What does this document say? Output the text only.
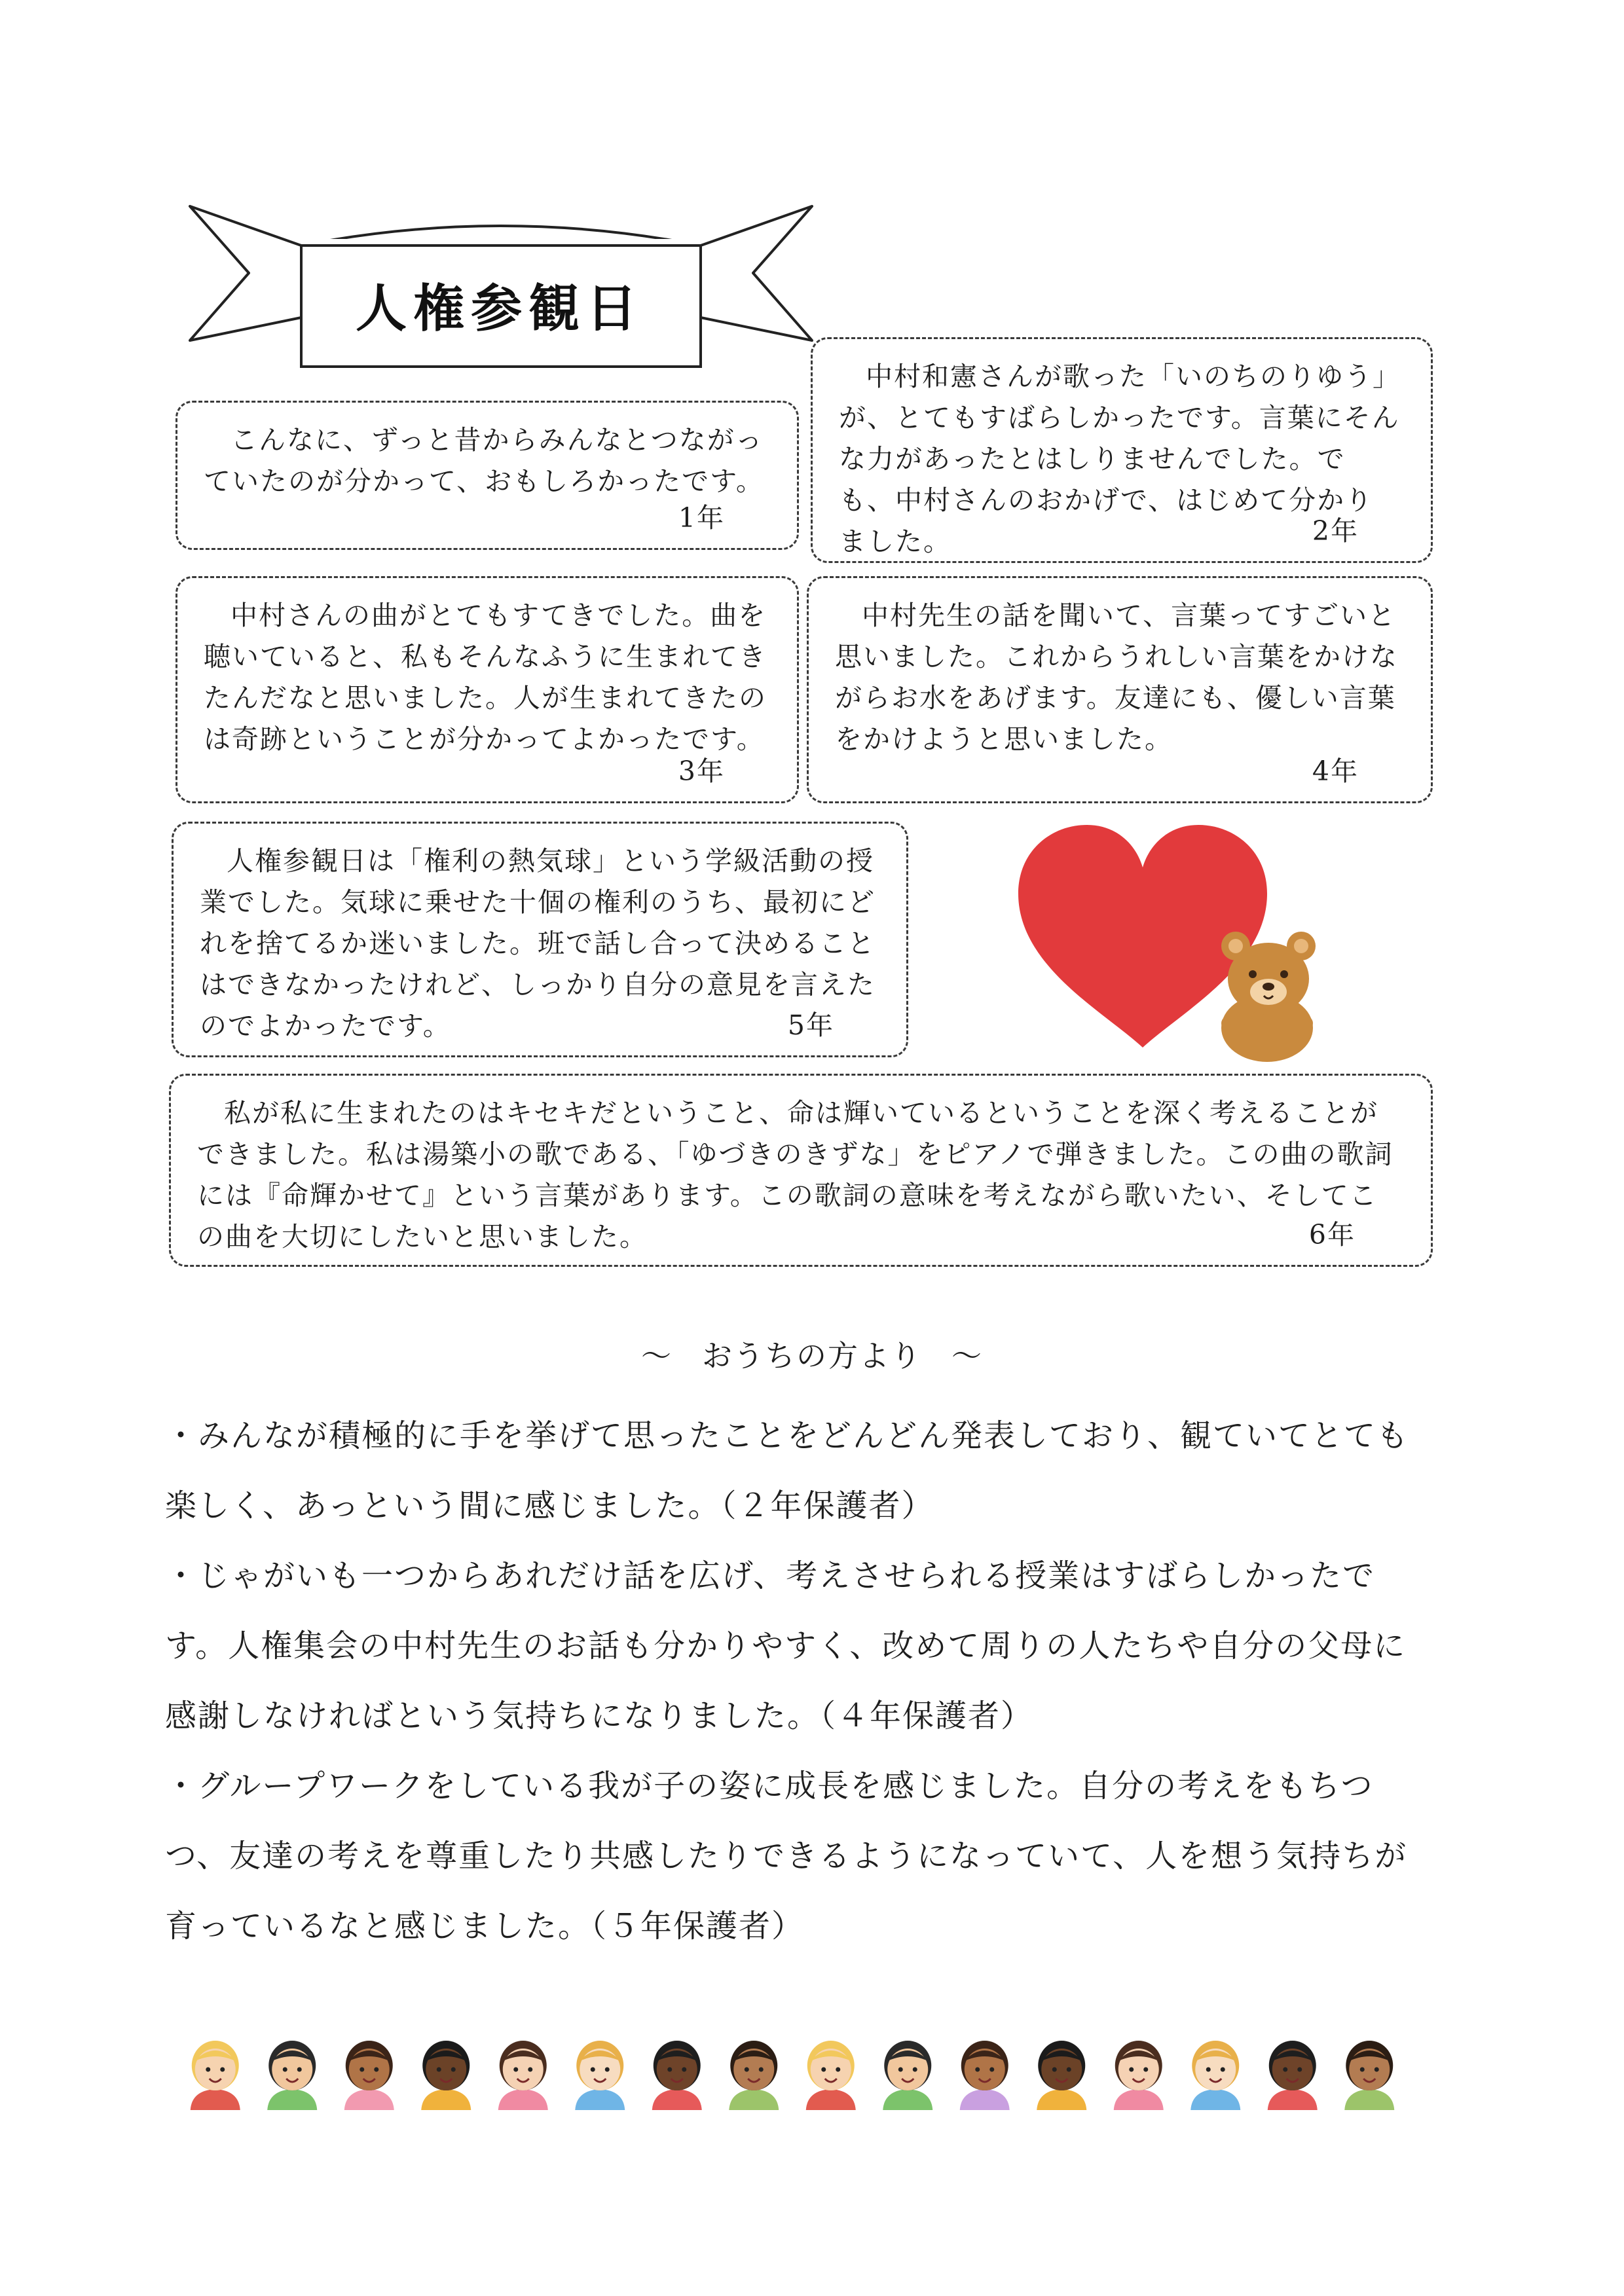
人権参観日

こんなに、ずっと昔からみんなとつながっていたのが分かって、おもしろかったです。

1年

中村和憲さんが歌った「いのちのりゆう」が、とてもすばらしかったです。言葉にそんな力があったとはしりませんでした。でも、中村さんのおかげで、はじめて分かりました。	2年

中村さんの曲がとてもすてきでした。曲を聴いていると、私もそんなふうに生まれてきたんだなと思いました。人が生まれてきたのは奇跡ということが分かってよかったです。

3年

中村先生の話を聞いて、言葉ってすごいと思いました。これからうれしい言葉をかけながらお水をあげます。友達にも、優しい言葉をかけようと思いました。

4年

人権参観日は「権利の熱気球」という学級活動の授業でした。気球に乗せた十個の権利のうち、最初にどれを捨てるか迷いました。班で話し合って決めることはできなかったけれど、しっかり自分の意見を言えたのでよかったです。	5年

私が私に生まれたのはキセキだということ、命は輝いているということを深く考えることができました。私は湯築小の歌である、「ゆづきのきずな」をピアノで弾きました。この曲の歌詞には『命輝かせて』という言葉があります。この歌詞の意味を考えながら歌いたい、そしてこの曲を大切にしたいと思いました。	6年
～ おうちの方より ～

・みんなが積極的に手を挙げて思ったことをどんどん発表しており、観ていてとても楽しく、あっという間に感じました。（２年保護者）

・じゃがいも一つからあれだけ話を広げ、考えさせられる授業はすばらしかったです。人権集会の中村先生のお話も分かりやすく、改めて周りの人たちや自分の父母に感謝しなければという気持ちになりました。（４年保護者）

・グループワークをしている我が子の姿に成長を感じました。自分の考えをもちつつ、友達の考えを尊重したり共感したりできるようになっていて、人を想う気持ちが育っているなと感じました。（５年保護者）
